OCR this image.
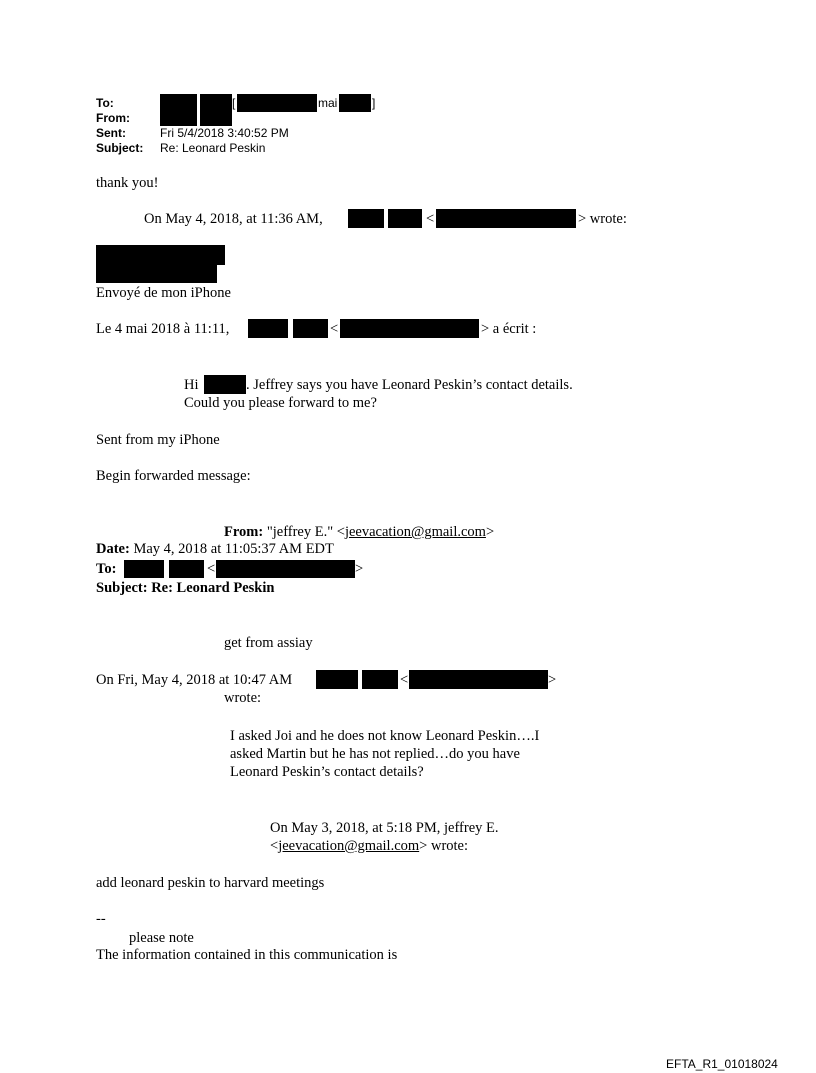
To:	[	mai	]
From:
Sent:	Fri 5/4/2018 3:40:52 PM
Subject: Re: Leonard Peskin
thank you!
On May 4, 2018, at 11:36 AM,	<	> wrote:
Envoyé de mon iPhone
Le 4 mai 2018 à 11:11,	<	> a écrit :
Hi	. Jeffrey says you have Leonard Peskin’s contact details.
Could you please forward to me?
Sent from my iPhone
Begin forwarded message:
From: "jeffrey E." <jeevacation@gmail.com>
Date: May 4, 2018 at 11:05:37 AM EDT
To:	<	>
Subject: Re: Leonard Peskin
get from assiay
On Fri, May 4, 2018 at 10:47 AM	<	>
wrote:
I asked Joi and he does not know Leonard Peskin….I
asked Martin but he has not replied…do you have
Leonard Peskin’s contact details?
On May 3, 2018, at 5:18 PM, jeffrey E.
<jeevacation@gmail.com> wrote:
add leonard peskin to harvard meetings
--
please note
The information contained in this communication is
EFTA_R1_01018024
